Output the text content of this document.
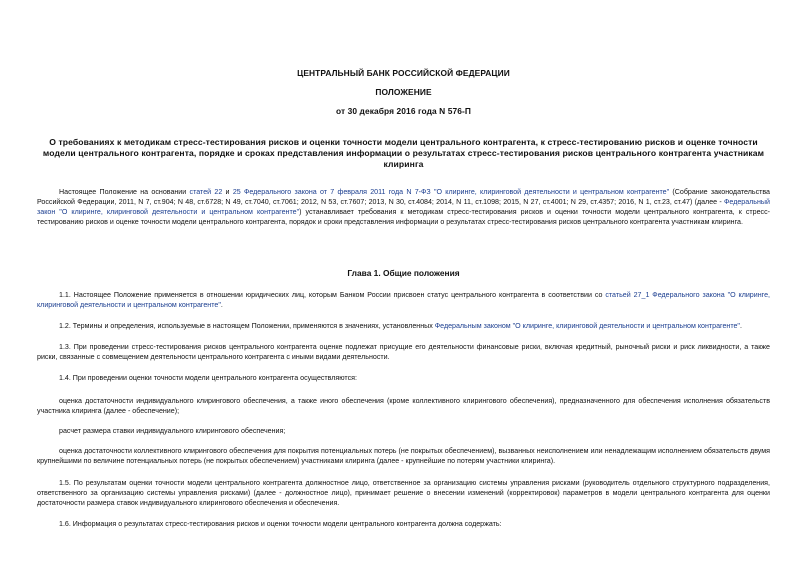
ЦЕНТРАЛЬНЫЙ БАНК РОССИЙСКОЙ ФЕДЕРАЦИИ
ПОЛОЖЕНИЕ
от 30 декабря 2016 года N 576-П
О требованиях к методикам стресс-тестирования рисков и оценки точности модели центрального контрагента, к стресс-тестированию рисков и оценке точности модели центрального контрагента, порядке и сроках представления информации о результатах стресс-тестирования рисков центрального контрагента участникам клиринга
Настоящее Положение на основании статей 22 и 25 Федерального закона от 7 февраля 2011 года N 7-ФЗ "О клиринге, клиринговой деятельности и центральном контрагенте" (Собрание законодательства Российской Федерации, 2011, N 7, ст.904; N 48, ст.6728; N 49, ст.7040, ст.7061; 2012, N 53, ст.7607; 2013, N 30, ст.4084; 2014, N 11, ст.1098; 2015, N 27, ст.4001; N 29, ст.4357; 2016, N 1, ст.23, ст.47) (далее - Федеральный закон "О клиринге, клиринговой деятельности и центральном контрагенте") устанавливает требования к методикам стресс-тестирования рисков и оценки точности модели центрального контрагента, к стресс-тестированию рисков и оценке точности модели центрального контрагента, порядок и сроки представления информации о результатах стресс-тестирования рисков центрального контрагента участникам клиринга.
Глава 1. Общие положения
1.1. Настоящее Положение применяется в отношении юридических лиц, которым Банком России присвоен статус центрального контрагента в соответствии со статьей 27_1 Федерального закона "О клиринге, клиринговой деятельности и центральном контрагенте".
1.2. Термины и определения, используемые в настоящем Положении, применяются в значениях, установленных Федеральным законом "О клиринге, клиринговой деятельности и центральном контрагенте".
1.3. При проведении стресс-тестирования рисков центрального контрагента оценке подлежат присущие его деятельности финансовые риски, включая кредитный, рыночный риски и риск ликвидности, а также риски, связанные с совмещением деятельности центрального контрагента с иными видами деятельности.
1.4. При проведении оценки точности модели центрального контрагента осуществляются:
оценка достаточности индивидуального клирингового обеспечения, а также иного обеспечения (кроме коллективного клирингового обеспечения), предназначенного для обеспечения исполнения обязательств участника клиринга (далее - обеспечение);
расчет размера ставки индивидуального клирингового обеспечения;
оценка достаточности коллективного клирингового обеспечения для покрытия потенциальных потерь (не покрытых обеспечением), вызванных неисполнением или ненадлежащим исполнением обязательств двумя крупнейшими по величине потенциальных потерь (не покрытых обеспечением) участниками клиринга (далее - крупнейшие по потерям участники клиринга).
1.5. По результатам оценки точности модели центрального контрагента должностное лицо, ответственное за организацию системы управления рисками (руководитель отдельного структурного подразделения, ответственного за организацию системы управления рисками) (далее - должностное лицо), принимает решение о внесении изменений (корректировок) параметров в модели центрального контрагента для оценки достаточности размера ставок индивидуального клирингового обеспечения и обеспечения.
1.6. Информация о результатах стресс-тестирования рисков и оценки точности модели центрального контрагента должна содержать:
